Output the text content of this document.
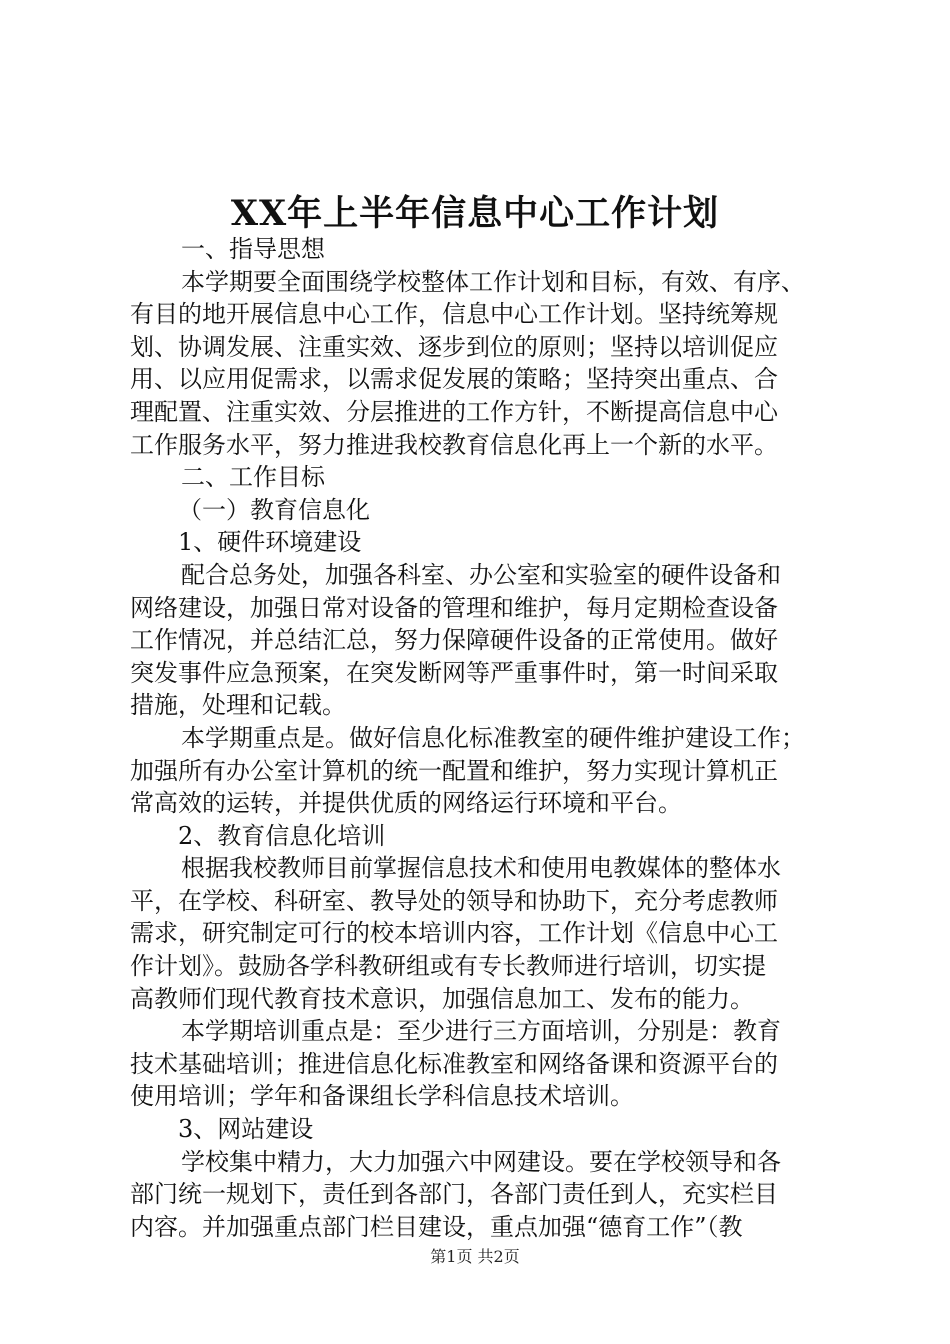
XX年上半年信息中心工作计划
一、指导思想
本学期要全面围绕学校整体工作计划和目标，有效、有序、
有目的地开展信息中心工作，信息中心工作计划。坚持统筹规
划、协调发展、注重实效、逐步到位的原则；坚持以培训促应
用、以应用促需求，以需求促发展的策略；坚持突出重点、合
理配置、注重实效、分层推进的工作方针，不断提高信息中心
工作服务水平，努力推进我校教育信息化再上一个新的水平。
二、工作目标
（一）教育信息化
1、硬件环境建设
配合总务处，加强各科室、办公室和实验室的硬件设备和
网络建设，加强日常对设备的管理和维护，每月定期检查设备
工作情况，并总结汇总，努力保障硬件设备的正常使用。做好
突发事件应急预案，在突发断网等严重事件时，第一时间采取
措施，处理和记载。
本学期重点是。做好信息化标准教室的硬件维护建设工作；
加强所有办公室计算机的统一配置和维护，努力实现计算机正
常高效的运转，并提供优质的网络运行环境和平台。
2、教育信息化培训
根据我校教师目前掌握信息技术和使用电教媒体的整体水
平，在学校、科研室、教导处的领导和协助下，充分考虑教师
需求，研究制定可行的校本培训内容，工作计划《信息中心工
作计划》。鼓励各学科教研组或有专长教师进行培训，切实提
高教师们现代教育技术意识，加强信息加工、发布的能力。
本学期培训重点是：至少进行三方面培训，分别是：教育
技术基础培训；推进信息化标准教室和网络备课和资源平台的
使用培训；学年和备课组长学科信息技术培训。
3、网站建设
学校集中精力，大力加强六中网建设。要在学校领导和各
部门统一规划下，责任到各部门，各部门责任到人，充实栏目
内容。并加强重点部门栏目建设，重点加强“德育工作”（教
第1页 共2页
